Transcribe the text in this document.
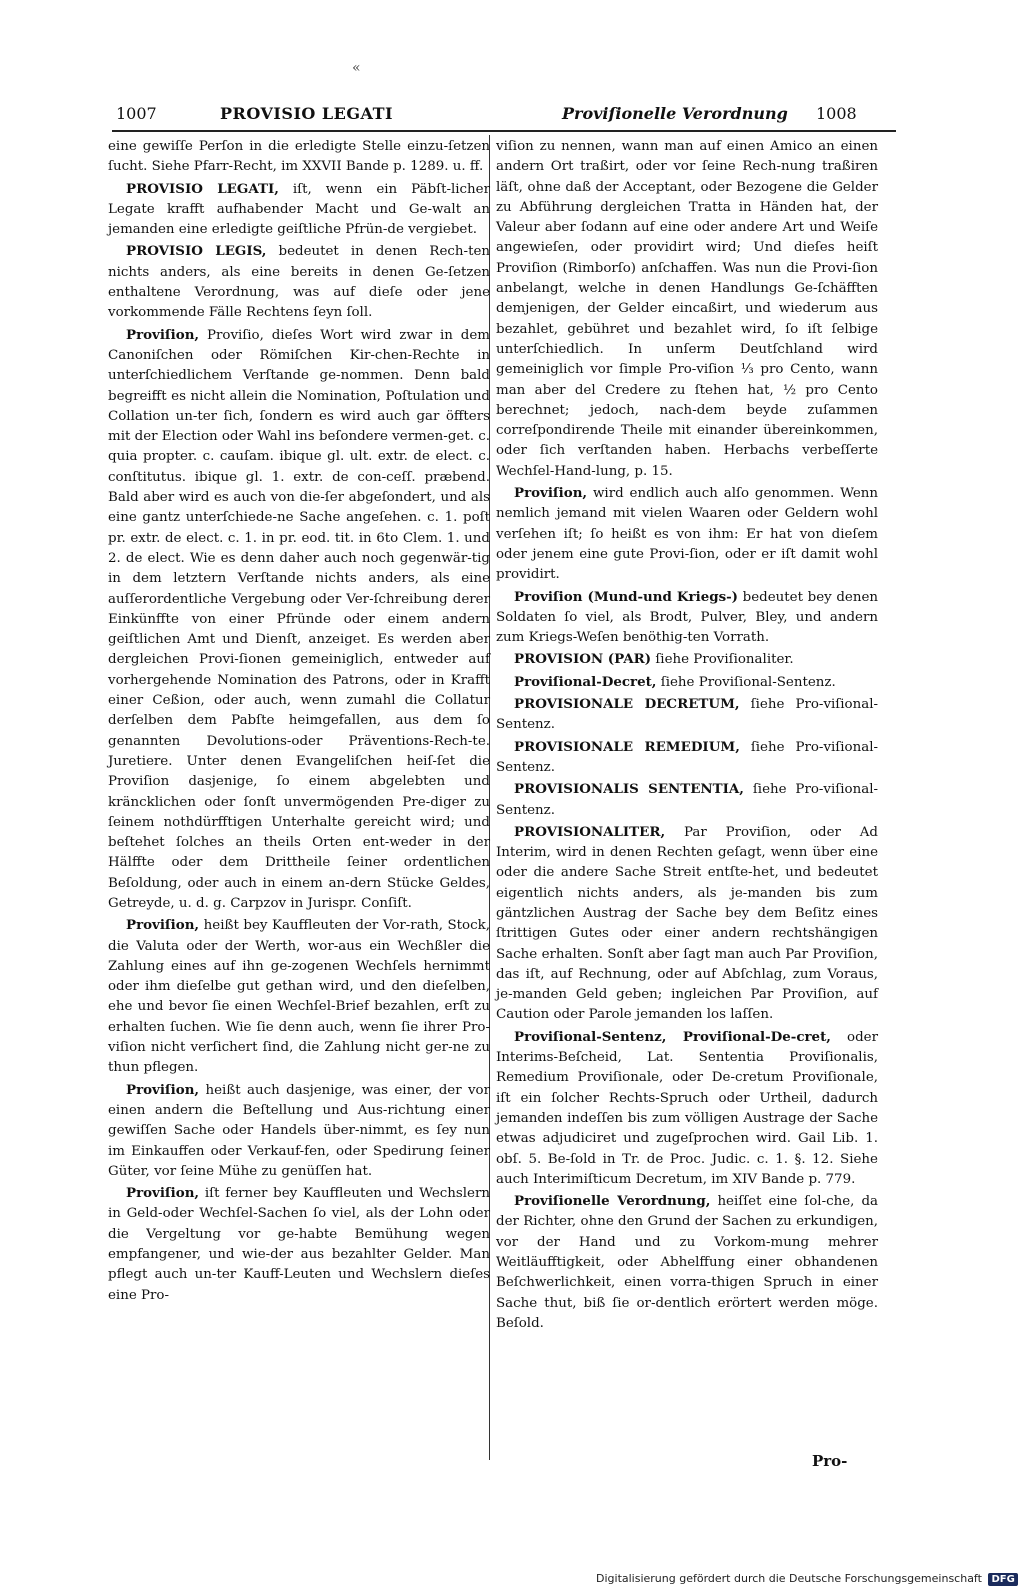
«
1007	PROVISIO LEGATI	Proviſionelle Verordnung 1008

eine gewiſſe Perſon in die erledigte Stelle einzu-ſetzen ſucht. Siehe Pfarr-Recht, im XXVII Bande p. 1289. u. ff.

PROVISIO LEGATI, iſt, wenn ein Päbſt-licher Legate krafft aufhabender Macht und Ge-walt an jemanden eine erledigte geiſtliche Pfrün-de vergiebet.

PROVISIO LEGIS, bedeutet in denen Rech-ten nichts anders, als eine bereits in denen Ge-ſetzen enthaltene Verordnung, was auf dieſe oder jene vorkommende Fälle Rechtens ſeyn ſoll.

Proviſion, Proviſio, dieſes Wort wird zwar in dem Canoniſchen oder Römiſchen Kir-chen-Rechte in unterſchiedlichem Verſtande ge-nommen. Denn bald begreifft es nicht allein die Nomination, Poſtulation und Collation un-ter ſich, ſondern es wird auch gar öffters mit der Election oder Wahl ins beſondere vermen-get. c. quia propter. c. cauſam. ibique gl. ult. extr. de elect. c. conſtitutus. ibique gl. 1. extr. de con-ceſſ. præbend. Bald aber wird es auch von die-ſer abgeſondert, und als eine gantz unterſchiede-ne Sache angeſehen. c. 1. poſt pr. extr. de elect. c. 1. in pr. eod. tit. in 6to Clem. 1. und 2. de elect. Wie es denn daher auch noch gegenwär-tig in dem letztern Verſtande nichts anders, als eine auſſerordentliche Vergebung oder Ver-ſchreibung derer Einkünffte von einer Pfründe oder einem andern geiſtlichen Amt und Dienſt, anzeiget. Es werden aber dergleichen Provi-ſionen gemeiniglich, entweder auf vorhergehende Nomination des Patrons, oder in Krafft einer Ceßion, oder auch, wenn zumahl die Collatur derſelben dem Pabſte heimgefallen, aus dem ſo genannten Devolutions-oder Präventions-Rech-te. Juretiere. Unter denen Evangeliſchen heiſ-ſet die Proviſion dasjenige, ſo einem abgelebten und kräncklichen oder ſonſt unvermögenden Pre-diger zu ſeinem nothdürfftigen Unterhalte gereicht wird; und beſtehet ſolches an theils Orten ent-weder in der Hälffte oder dem Drittheile ſeiner ordentlichen Beſoldung, oder auch in einem an-dern Stücke Geldes, Getreyde, u. d. g. Carpzov in Jurispr. Conſiſt.

Proviſion, heißt bey Kauffleuten der Vor-rath, Stock, die Valuta oder der Werth, wor-aus ein Wechßler die Zahlung eines auf ihn ge-zogenen Wechſels hernimmt oder ihm dieſelbe gut gethan wird, und den dieſelben, ehe und bevor ſie einen Wechſel-Brief bezahlen, erſt zu erhalten ſuchen. Wie ſie denn auch, wenn ſie ihrer Pro-viſion nicht verſichert ſind, die Zahlung nicht ger-ne zu thun pflegen.

Proviſion, heißt auch dasjenige, was einer, der vor einen andern die Beſtellung und Aus-richtung einer gewiſſen Sache oder Handels über-nimmt, es ſey nun im Einkauffen oder Verkauf-fen, oder Spedirung ſeiner Güter, vor ſeine Mühe zu genüſſen hat.

Proviſion, iſt ferner bey Kauffleuten und Wechslern in Geld-oder Wechſel-Sachen ſo viel, als der Lohn oder die Vergeltung vor ge-habte Bemühung wegen empfangener, und wie-der aus bezahlter Gelder. Man pflegt auch un-ter Kauff-Leuten und Wechslern dieſes eine Pro-

viſion zu nennen, wann man auf einen Amico an einen andern Ort traßirt, oder vor ſeine Rech-nung traßiren läſt, ohne daß der Acceptant, oder Bezogene die Gelder zu Abführung dergleichen Tratta in Händen hat, der Valeur aber ſodann auf eine oder andere Art und Weiſe angewieſen, oder providirt wird; Und dieſes heiſt Proviſion (Rimborſo) anſchaffen. Was nun die Provi-ſion anbelangt, welche in denen Handlungs Ge-ſchäfften demjenigen, der Gelder eincaßirt, und wiederum aus bezahlet, gebühret und bezahlet wird, ſo iſt ſelbige unterſchiedlich. In unſerm Deutſchland wird gemeiniglich vor ſimple Pro-viſion ⅓ pro Cento, wann man aber del Credere zu ſtehen hat, ½ pro Cento berechnet; jedoch, nach-dem beyde zuſammen correſpondirende Theile mit einander übereinkommen, oder ſich verſtanden haben. Herbachs verbeſſerte Wechſel-Hand-lung, p. 15.

Proviſion, wird endlich auch alſo genommen. Wenn nemlich jemand mit vielen Waaren oder Geldern wohl verſehen iſt; ſo heißt es von ihm: Er hat von dieſem oder jenem eine gute Provi-ſion, oder er iſt damit wohl providirt.

Proviſion (Mund-und Kriegs-) bedeutet bey denen Soldaten ſo viel, als Brodt, Pulver, Bley, und andern zum Kriegs-Weſen benöthig-ten Vorrath.

PROVISION (PAR) ſiehe Proviſionaliter.

Proviſional-Decret, ſiehe Proviſional-Sentenz.

PROVISIONALE DECRETUM, ſiehe Pro-viſional-Sentenz.

PROVISIONALE REMEDIUM, ſiehe Pro-viſional-Sentenz.

PROVISIONALIS SENTENTIA, ſiehe Pro-viſional-Sentenz.

PROVISIONALITER, Par Proviſion, oder Ad Interim, wird in denen Rechten geſagt, wenn über eine oder die andere Sache Streit entſte-het, und bedeutet eigentlich nichts anders, als je-manden bis zum gäntzlichen Austrag der Sache bey dem Beſitz eines ſtrittigen Gutes oder einer andern rechtshängigen Sache erhalten. Sonſt aber ſagt man auch Par Proviſion, das iſt, auf Rechnung, oder auf Abſchlag, zum Voraus, je-manden Geld geben; ingleichen Par Proviſion, auf Caution oder Parole jemanden los laſſen.

Proviſional-Sentenz, Proviſional-De-cret, oder Interims-Beſcheid, Lat. Sententia Proviſionalis, Remedium Proviſionale, oder De-cretum Proviſionale, iſt ein ſolcher Rechts-Spruch oder Urtheil, dadurch jemanden indeſſen bis zum völligen Austrage der Sache etwas adjudiciret und zugeſprochen wird. Gail Lib. 1. obſ. 5. Be-ſold in Tr. de Proc. Judic. c. 1. §. 12. Siehe auch Interimiſticum Decretum, im XIV Bande p. 779.

Proviſionelle Verordnung, heiſſet eine ſol-che, da der Richter, ohne den Grund der Sachen zu erkundigen, vor der Hand und zu Vorkom-mung mehrer Weitläufftigkeit, oder Abhelffung einer obhandenen Beſchwerlichkeit, einen vorra-thigen Spruch in einer Sache thut, biß ſie or-dentlich erörtert werden möge. Beſold.

Pro-
Digitalisierung gefördert durch die Deutsche Forschungsgemeinschaft DFG
